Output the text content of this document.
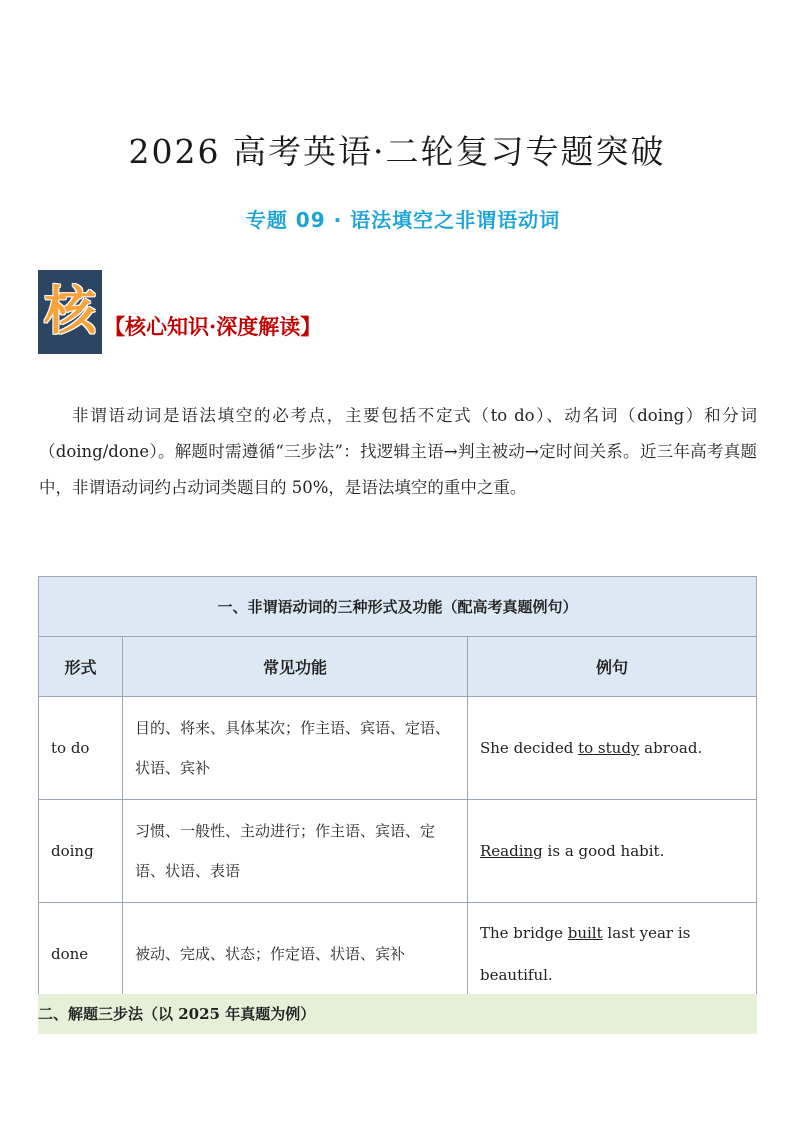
2026 高考英语·二轮复习专题突破
专题 09 · 语法填空之非谓语动词
核 【核心知识·深度解读】
非谓语动词是语法填空的必考点，主要包括不定式（to do）、动名词（doing）和分词（doing/done）。解题时需遵循“三步法”：找逻辑主语→判主被动→定时间关系。近三年高考真题中，非谓语动词约占动词类题目的 50%，是语法填空的重中之重。
一、非谓语动词的三种形式及功能（配高考真题例句）		
形式	常见功能	例句
to do	目的、将来、具体某次；作主语、宾语、定语、状语、宾补	She decided to study abroad.
doing	习惯、一般性、主动进行；作主语、宾语、定语、状语、表语	Reading is a good habit.
done	被动、完成、状态；作定语、状语、宾补	The bridge built last year is beautiful.
二、解题三步法（以 2025 年真题为例）
